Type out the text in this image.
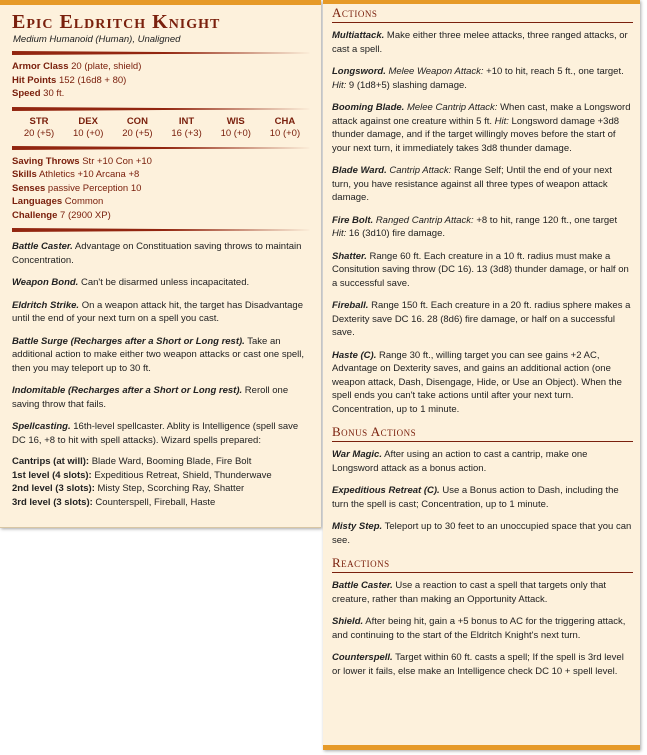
Epic Eldritch Knight
Medium Humanoid (Human), Unaligned
Armor Class 20 (plate, shield)
Hit Points 152 (16d8 + 80)
Speed 30 ft.
STR
20 (+5)
DEX
10 (+0)
CON
20 (+5)
INT
16 (+3)
WIS
10 (+0)
CHA
10 (+0)
Saving Throws Str +10 Con +10
Skills Athletics +10 Arcana +8
Senses passive Perception 10
Languages Common
Challenge 7 (2900 XP)

Battle Caster. Advantage on Constituation saving throws to maintain Concentration.

Weapon Bond. Can't be disarmed unless incapacitated.

Eldritch Strike. On a weapon attack hit, the target has Disadvantage until the end of your next turn on a spell you cast.

Battle Surge (Recharges after a Short or Long rest). Take an additional action to make either two weapon attacks or cast one spell, then you may teleport up to 30 ft.

Indomitable (Recharges after a Short or Long rest). Reroll one saving throw that fails.

Spellcasting. 16th-level spellcaster. Ablity is Intelligence (spell save DC 16, +8 to hit with spell attacks). Wizard spells prepared:

Cantrips (at will): Blade Ward, Booming Blade, Fire Bolt
1st level (4 slots): Expeditious Retreat, Shield, Thunderwave
2nd level (3 slots): Misty Step, Scorching Ray, Shatter
3rd level (3 slots): Counterspell, Fireball, Haste
Actions

Multiattack. Make either three melee attacks, three ranged attacks, or cast a spell.

Longsword. Melee Weapon Attack: +10 to hit, reach 5 ft., one target. Hit: 9 (1d8+5) slashing damage.

Booming Blade. Melee Cantrip Attack: When cast, make a Longsword attack against one creature within 5 ft. Hit: Longsword damage +3d8 thunder damage, and if the target willingly moves before the start of your next turn, it immediately takes 3d8 thunder damage.

Blade Ward. Cantrip Attack: Range Self; Until the end of your next turn, you have resistance against all three types of weapon attack damage.

Fire Bolt. Ranged Cantrip Attack: +8 to hit, range 120 ft., one target Hit: 16 (3d10) fire damage.

Shatter. Range 60 ft. Each creature in a 10 ft. radius must make a Consitution saving throw (DC 16). 13 (3d8) thunder damage, or half on a successful save.

Fireball. Range 150 ft. Each creature in a 20 ft. radius sphere makes a Dexterity save DC 16. 28 (8d6) fire damage, or half on a successful save.

Haste (C). Range 30 ft., willing target you can see gains +2 AC, Advantage on Dexterity saves, and gains an additional action (one weapon attack, Dash, Disengage, Hide, or Use an Object). When the spell ends you can't take actions until after your next turn. Concentration, up to 1 minute.

Bonus Actions

War Magic. After using an action to cast a cantrip, make one Longsword attack as a bonus action.

Expeditious Retreat (C). Use a Bonus action to Dash, including the turn the spell is cast; Concentration, up to 1 minute.

Misty Step. Teleport up to 30 feet to an unoccupied space that you can see.

Reactions

Battle Caster. Use a reaction to cast a spell that targets only that creature, rather than making an Opportunity Attack.

Shield. After being hit, gain a +5 bonus to AC for the triggering attack, and continuing to the start of the Eldritch Knight's next turn.

Counterspell. Target within 60 ft. casts a spell; If the spell is 3rd level or lower it fails, else make an Intelligence check DC 10 + spell level.
